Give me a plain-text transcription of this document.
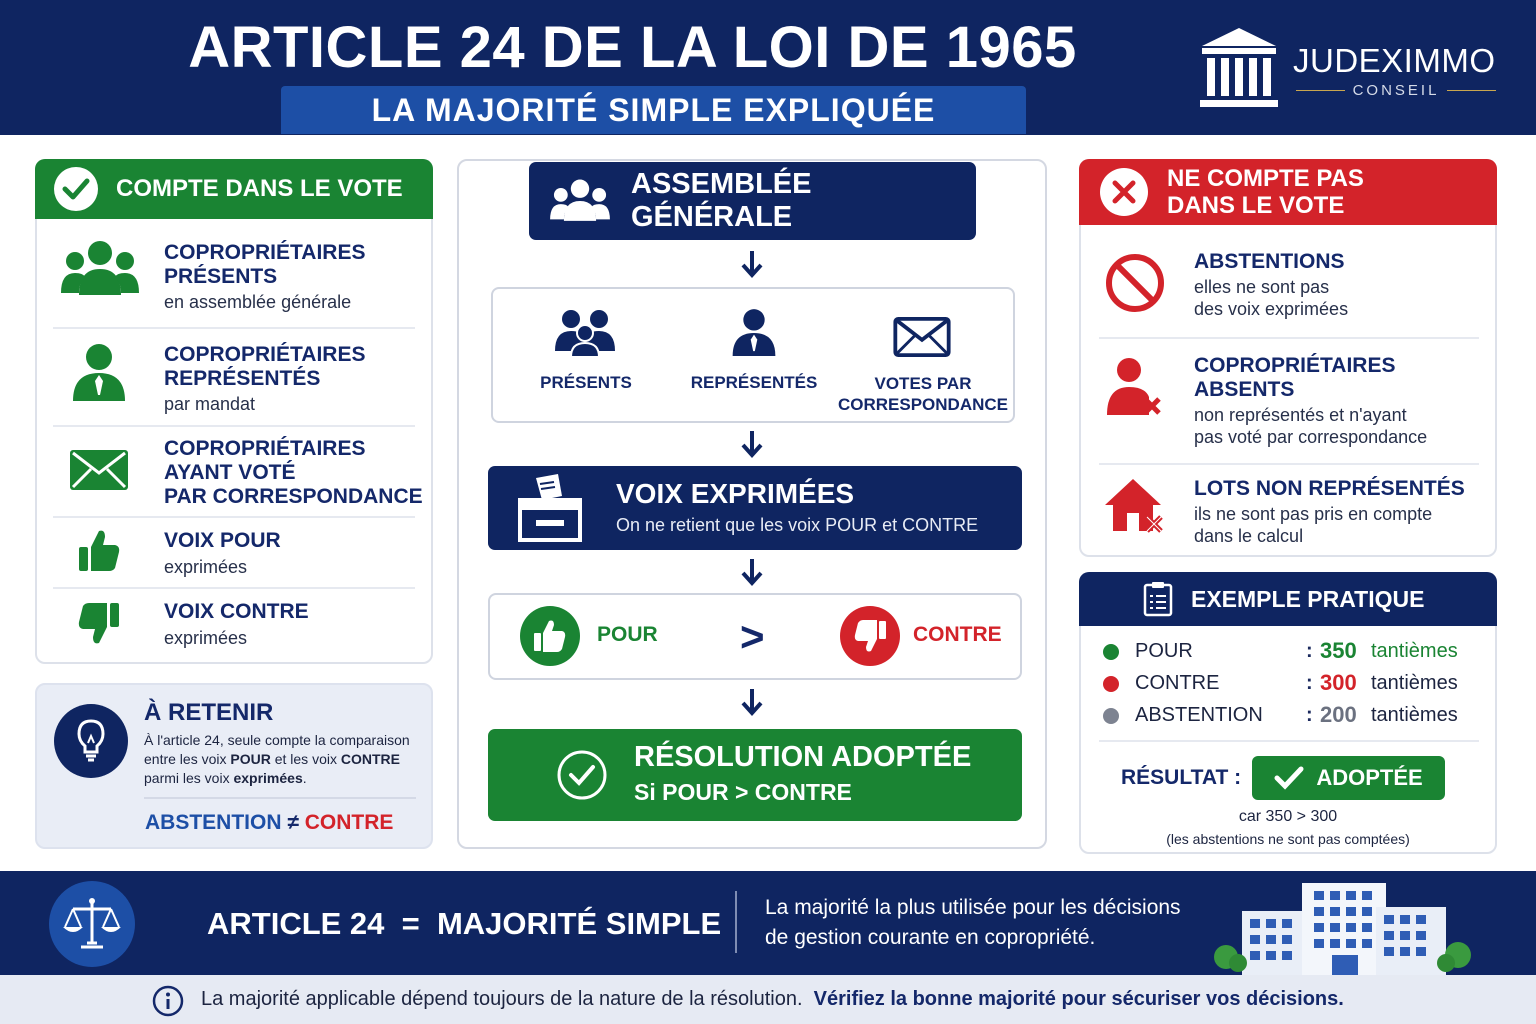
ARTICLE 24 DE LA LOI DE 1965
LA MAJORITÉ SIMPLE EXPLIQUÉE
JUDEXIMMO
CONSEIL
COMPTE DANS LE VOTE
COPROPRIÉTAIRES
PRÉSENTS
en assemblée générale
COPROPRIÉTAIRES
REPRÉSENTÉS
par mandat
COPROPRIÉTAIRES
AYANT VOTÉ
PAR CORRESPONDANCE
VOIX POUR
exprimées
VOIX CONTRE
exprimées
À RETENIR
À l'article 24, seule compte la comparaison
entre les voix POUR et les voix CONTRE
parmi les voix exprimées.
ABSTENTION ≠ CONTRE
ASSEMBLÉE GÉNÉRALE
PRÉSENTS	REPRÉSENTÉS	VOTES PAR
CORRESPONDANCE
VOIX EXPRIMÉES
On ne retient que les voix POUR et CONTRE
POUR >	CONTRE
RÉSOLUTION ADOPTÉE
Si POUR > CONTRE
NE COMPTE PAS
DANS LE VOTE
ABSTENTIONS
elles ne sont pas
des voix exprimées
COPROPRIÉTAIRES
ABSENTS
non représentés et n'ayant
pas voté par correspondance
LOTS NON REPRÉSENTÉS
ils ne sont pas pris en compte
dans le calcul
EXEMPLE PRATIQUE
POUR	: 350 tantièmes
CONTRE	: 300 tantièmes
ABSTENTION : 200 tantièmes
RÉSULTAT :	ADOPTÉE
car 350 > 300
(les abstentions ne sont pas comptées)
ARTICLE 24  =  MAJORITÉ SIMPLE La majorité la plus utilisée pour les décisions
de gestion courante en copropriété.
La majorité applicable dépend toujours de la nature de la résolution. Vérifiez la bonne majorité pour sécuriser vos décisions.
